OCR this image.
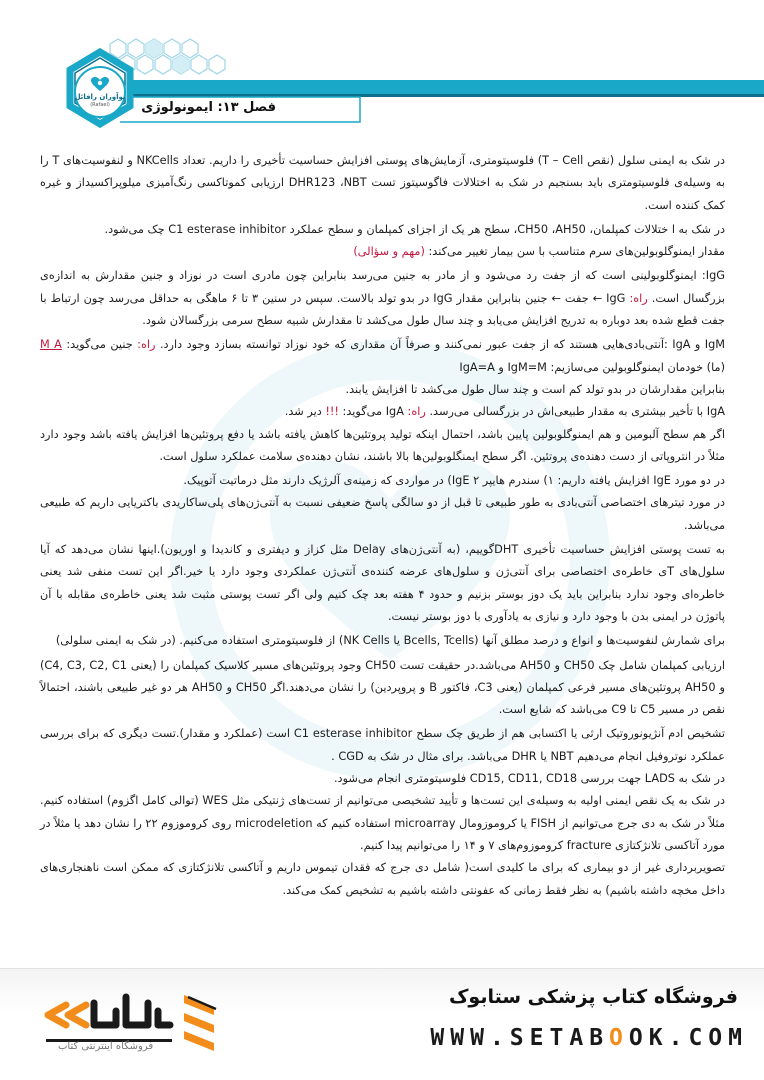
نوآوران رافائل
(Rafael) فصل ۱۳: ایمونولوژی

در شک به ایمنی سلول (نقص T – Cell) فلوسیتومتری، آزمایش‌های پوستی افزایش حساسیت تأخیری را داریم. تعداد NKCells و لنفوسیت‌های T را به وسیله‌ی فلوسیتومتری باید بسنجیم در شک به اختلالات فاگوسیتوز تست DHR123 ،NBT ارزیابی کموتاکسی رنگ‌آمیزی میلوپراکسیداز و غیره کمک کننده است.

در شک به ا ختلالات کمپلمان، CH50 ،AH50، سطح هر یک از اجزای کمپلمان و سطح عملکرد C1 esterase inhibitor چک می‌شود.

مقدار ایمنوگلوبولین‌های سرم متناسب با سن بیمار تغییر می‌کند: (مهم و سؤالی)

IgG: ایمنوگلوبولینی است که از جفت رد می‌شود و از مادر به جنین می‌رسد بنابراین چون مادری است در نوزاد و جنین مقدارش به اندازه‌ی بزرگسال است. راه: IgG ← جفت ← جنین بنابراین مقدار IgG در بدو تولد بالاست. سپس در سنین ۳ تا ۶ ماهگی به حداقل می‌رسد چون ارتباط با جفت قطع شده بعد دوباره به تدریج افزایش می‌یابد و چند سال طول می‌کشد تا مقدارش شبیه سطح سرمی بزرگسالان شود.

IgM و IgA :آنتی‌بادی‌هایی هستند که از جفت عبور نمی‌کنند و صرفاً آن مقداری که خود نوزاد توانسته بسازد وجود دارد. راه: جنین می‌گوید: M A (ما) خودمان ایمنوگلوبولین می‌سازیم: IgM=M و IgA=A

بنابراین مقدارشان در بدو تولد کم است و چند سال طول می‌کشد تا افزایش یابند.

IgA با تأخیر بیشتری به مقدار طبیعی‌اش در بزرگسالی می‌رسد. راه: IgA می‌گوید: !!! دیر شد.

اگر هم سطح آلبومین و هم ایمنوگلوبولین پایین باشد، احتمال اینکه تولید پروتئین‌ها کاهش یافته باشد یا دفع پروتئین‌ها افزایش یافته باشد وجود دارد مثلاً در انتروپاتی از دست دهنده‌ی پروتئین. اگر سطح ایمنگلوبولین‌ها بالا باشند، نشان دهنده‌ی سلامت عملکرد سلول است.

در دو مورد IgE افزایش یافته داریم: ۱) سندرم هایپر IgE ۲) در مواردی که زمینه‌ی آلرژیک دارند مثل درماتیت آتوپیک.

در مورد تیترهای اختصاصی آنتی‌بادی به طور طبیعی تا قبل از دو سالگی پاسخ ضعیفی نسبت به آنتی‌ژن‌های پلی‌ساکاریدی باکتریایی داریم که طبیعی می‌باشد.

به تست پوستی افزایش حساسیت تأخیری DHTگوییم، (به آنتی‌ژن‌های Delay مثل کزاز و دیفتری و کاندیدا و اوریون).اینها نشان می‌دهد که آیا سلول‌های Tی خاطره‌ی اختصاصی برای آنتی‌ژن و سلول‌های عرضه کننده‌ی آنتی‌ژن عملکردی وجود دارد یا خیر.اگر این تست منفی شد یعنی خاطره‌ای وجود ندارد بنابراین باید یک دوز بوستر بزنیم و حدود ۴ هفته بعد چک کنیم ولی اگر تست پوستی مثبت شد یعنی خاطره‌ی مقابله با آن پاتوژن در ایمنی بدن با وجود دارد و نیازی به یادآوری با دوز بوستر نیست.

برای شمارش لنفوسیت‌ها و انواع و درصد مطلق آنها (Bcells, Tcells یا NK Cells) از فلوسیتومتری استفاده می‌کنیم. (در شک به ایمنی سلولی)

ارزیابی کمپلمان شامل چک CH50 و AH50 می‌باشد.در حقیقت تست CH50 وجود پروتئین‌های مسیر کلاسیک کمپلمان را (یعنی C4, C3, C2, C1) و AH50 پروتئین‌های مسیر فرعی کمپلمان (یعنی C3، فاکتور B و پروپردین) را نشان می‌دهند.اگر CH50 و AH50 هر دو غیر طبیعی باشند، احتمالاً نقص در مسیر C5 تا C9 می‌باشد که شایع است.

تشخیص ادم آنژیونوروتیک ارثی یا اکتسابی هم از طریق چک سطح C1 esterase inhibitor است (عملکرد و مقدار).تست دیگری که برای بررسی عملکرد نوتروفیل انجام می‌دهیم NBT یا DHR می‌باشد. برای مثال در شک به CGD .

در شک به LADS جهت بررسی CD15, CD11, CD18 فلوسیتومتری انجام می‌شود.

در شک به یک نقص ایمنی اولیه به وسیله‌ی این تست‌ها و تأیید تشخیصی می‌توانیم از تست‌های ژنتیکی مثل WES (توالی کامل اگزوم) استفاده کنیم. مثلاً در شک به دی جرج می‌توانیم از FISH یا کروموزومال microarray استفاده کنیم که microdeletion روی کروموزوم ۲۲ را نشان دهد یا مثلاً در مورد آتاکسی تلانژکتازی fracture کروموزوم‌های ۷ و ۱۴ را می‌توانیم پیدا کنیم.

تصویربرداری غیر از دو بیماری که برای ما کلیدی است( شامل دی جرج که فقدان تیموس داریم و آتاکسی تلانژکتازی که ممکن است ناهنجاری‌های داخل مخچه داشته باشیم) به نظر فقط زمانی که عفونتی داشته باشیم به تشخیص کمک می‌کند.

فروشگاه اینترنتی کتاب
فروشگاه کتاب پزشکی ستابوک
WWW.SETABOOK.COM
